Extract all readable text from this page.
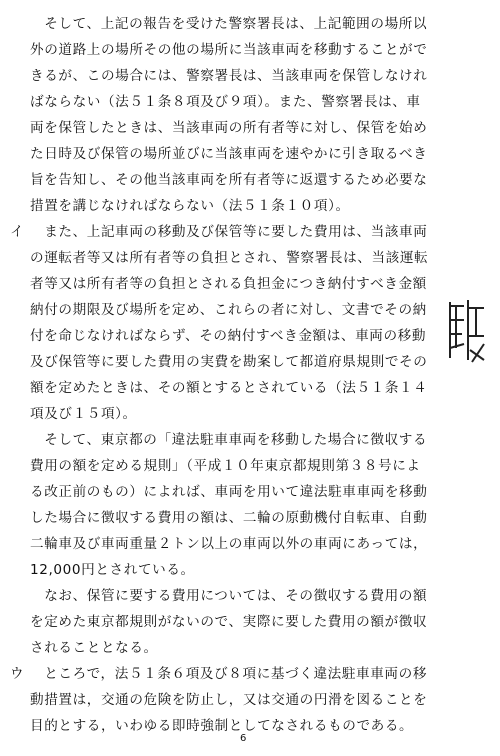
　そして、上記の報告を受けた警察署長は、上記範囲の場所以
外の道路上の場所その他の場所に当該車両を移動することがで
きるが、この場合には、警察署長は、当該車両を保管しなけれ
ばならない（法５１条８項及び９項）。また、警察署長は、車
両を保管したときは、当該車両の所有者等に対し、保管を始め
た日時及び保管の場所並びに当該車両を速やかに引き取るべき
旨を告知し、その他当該車両を所有者等に返還するため必要な
措置を講じなければならない（法５１条１０項）。
イ 　また、上記車両の移動及び保管等に要した費用は、当該車両
の運転者等又は所有者等の負担とされ、警察署長は、当該運転
者等又は所有者等の負担とされる負担金につき納付すべき金額
納付の期限及び場所を定め、これらの者に対し、文書でその納
付を命じなければならず、その納付すべき金額は、車両の移動
及び保管等に要した費用の実費を勘案して都道府県規則でその
額を定めたときは、その額とするとされている（法５１条１４
項及び１５項）。
　そして、東京都の「違法駐車車両を移動した場合に徴収する
費用の額を定める規則」（平成１０年東京都規則第３８号によ
る改正前のもの）によれば、車両を用いて違法駐車車両を移動
した場合に徴収する費用の額は、二輪の原動機付自転車、自動
二輪車及び車両重量２トン以上の車両以外の車両にあっては，
12,000円とされている。
　なお、保管に要する費用については、その徴収する費用の額
を定めた東京都規則がないので、実際に要した費用の額が徴収
されることとなる。
ウ 　ところで，法５１条６項及び８項に基づく違法駐車車両の移
動措置は，交通の危険を防止し，又は交通の円滑を図ることを
目的とする，いわゆる即時強制としてなされるものである。
6
